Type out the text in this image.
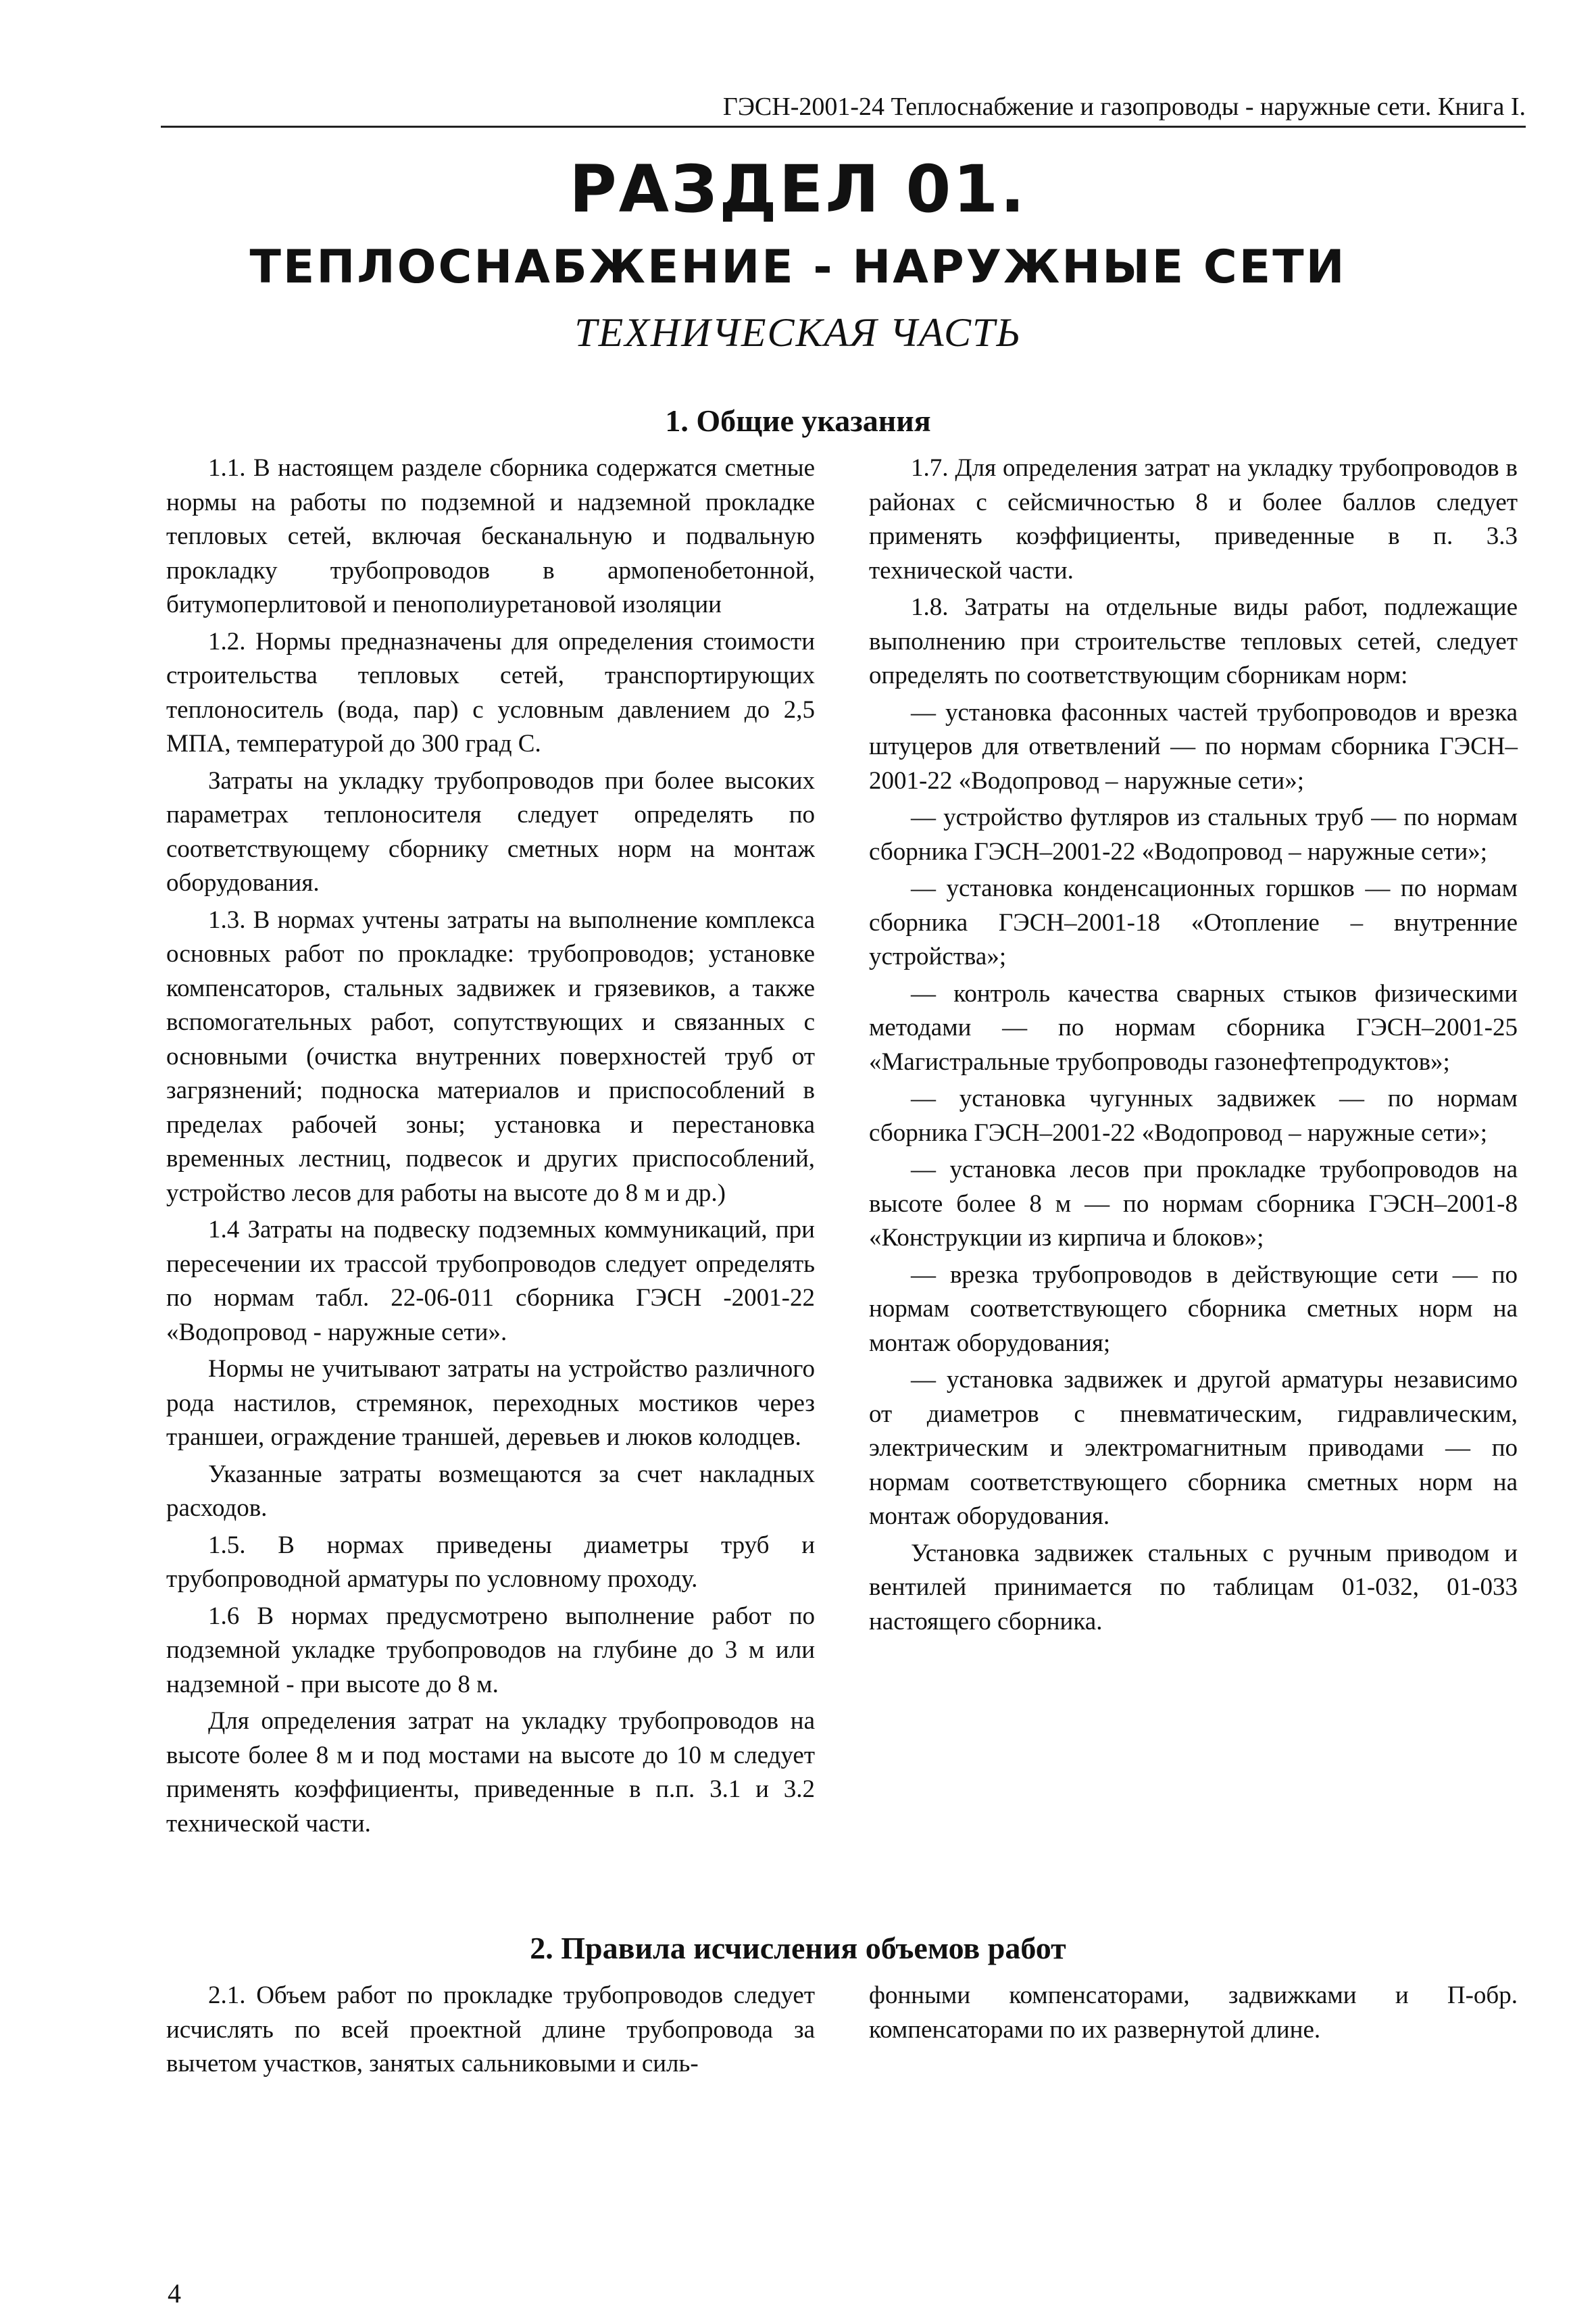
ГЭСН-2001-24 Теплоснабжение и газопроводы - наружные сети. Книга I.
РАЗДЕЛ 01.
ТЕПЛОСНАБЖЕНИЕ - НАРУЖНЫЕ СЕТИ
ТЕХНИЧЕСКАЯ ЧАСТЬ
1. Общие указания

1.1. В настоящем разделе сборника содержатся сметные нормы на работы по подземной и надземной прокладке тепловых сетей, включая бесканальную и подвальную прокладку трубопроводов в армопенобетонной, битумоперлитовой и пенополиуретановой изоляции

1.2. Нормы предназначены для определения стоимости строительства тепловых сетей, транспортирующих теплоноситель (вода, пар) с условным давлением до 2,5 МПА, температурой до 300 град С.

Затраты на укладку трубопроводов при более высоких параметрах теплоносителя следует определять по соответствующему сборнику сметных норм на монтаж оборудования.

1.3. В нормах учтены затраты на выполнение комплекса основных работ по прокладке: трубопроводов; установке компенсаторов, стальных задвижек и грязевиков, а также вспомогательных работ, сопутствующих и связанных с основными (очистка внутренних поверхностей труб от загрязнений; подноска материалов и приспособлений в пределах рабочей зоны; установка и перестановка временных лестниц, подвесок и других приспособлений, устройство лесов для работы на высоте до 8 м и др.)

1.4 Затраты на подвеску подземных коммуникаций, при пересечении их трассой трубопроводов следует определять по нормам табл. 22-06-011 сборника ГЭСН -2001-22 «Водопровод - наружные сети».

Нормы не учитывают затраты на устройство различного рода настилов, стремянок, переходных мостиков через траншеи, ограждение траншей, деревьев и люков колодцев.

Указанные затраты возмещаются за счет накладных расходов.

1.5. В нормах приведены диаметры труб и трубопроводной арматуры по условному проходу.

1.6 В нормах предусмотрено выполнение работ по подземной укладке трубопроводов на глубине до 3 м или надземной - при высоте до 8 м.

Для определения затрат на укладку трубопроводов на высоте более 8 м и под мостами на высоте до 10 м следует применять коэффициенты, приведенные в п.п. 3.1 и 3.2 технической части.

1.7. Для определения затрат на укладку трубопроводов в районах с сейсмичностью 8 и более баллов следует применять коэффициенты, приведенные в п. 3.3 технической части.

1.8. Затраты на отдельные виды работ, подлежащие выполнению при строительстве тепловых сетей, следует определять по соответствующим сборникам норм:

— установка фасонных частей трубопроводов и врезка штуцеров для ответвлений — по нормам сборника ГЭСН–2001-22 «Водопровод – наружные сети»;

— устройство футляров из стальных труб — по нормам сборника ГЭСН–2001-22 «Водопровод – наружные сети»;

— установка конденсационных горшков — по нормам сборника ГЭСН–2001-18 «Отопление – внутренние устройства»;

— контроль качества сварных стыков физическими методами — по нормам сборника ГЭСН–2001-25 «Магистральные трубопроводы газонефтепродуктов»;

— установка чугунных задвижек — по нормам сборника ГЭСН–2001-22 «Водопровод – наружные сети»;

— установка лесов при прокладке трубопроводов на высоте более 8 м — по нормам сборника ГЭСН–2001-8 «Конструкции из кирпича и блоков»;

— врезка трубопроводов в действующие сети — по нормам соответствующего сборника сметных норм на монтаж оборудования;

— установка задвижек и другой арматуры независимо от диаметров с пневматическим, гидравлическим, электрическим и электромагнитным приводами — по нормам соответствующего сборника сметных норм на монтаж оборудования.

Установка задвижек стальных с ручным приводом и вентилей принимается по таблицам 01-032, 01-033 настоящего сборника.

2. Правила исчисления объемов работ

2.1. Объем работ по прокладке трубопроводов следует исчислять по всей проектной длине трубопровода за вычетом участков, занятых сальниковыми и силь-

фонными компенсаторами, задвижками и П-обр. компенсаторами по их развернутой длине.

4
